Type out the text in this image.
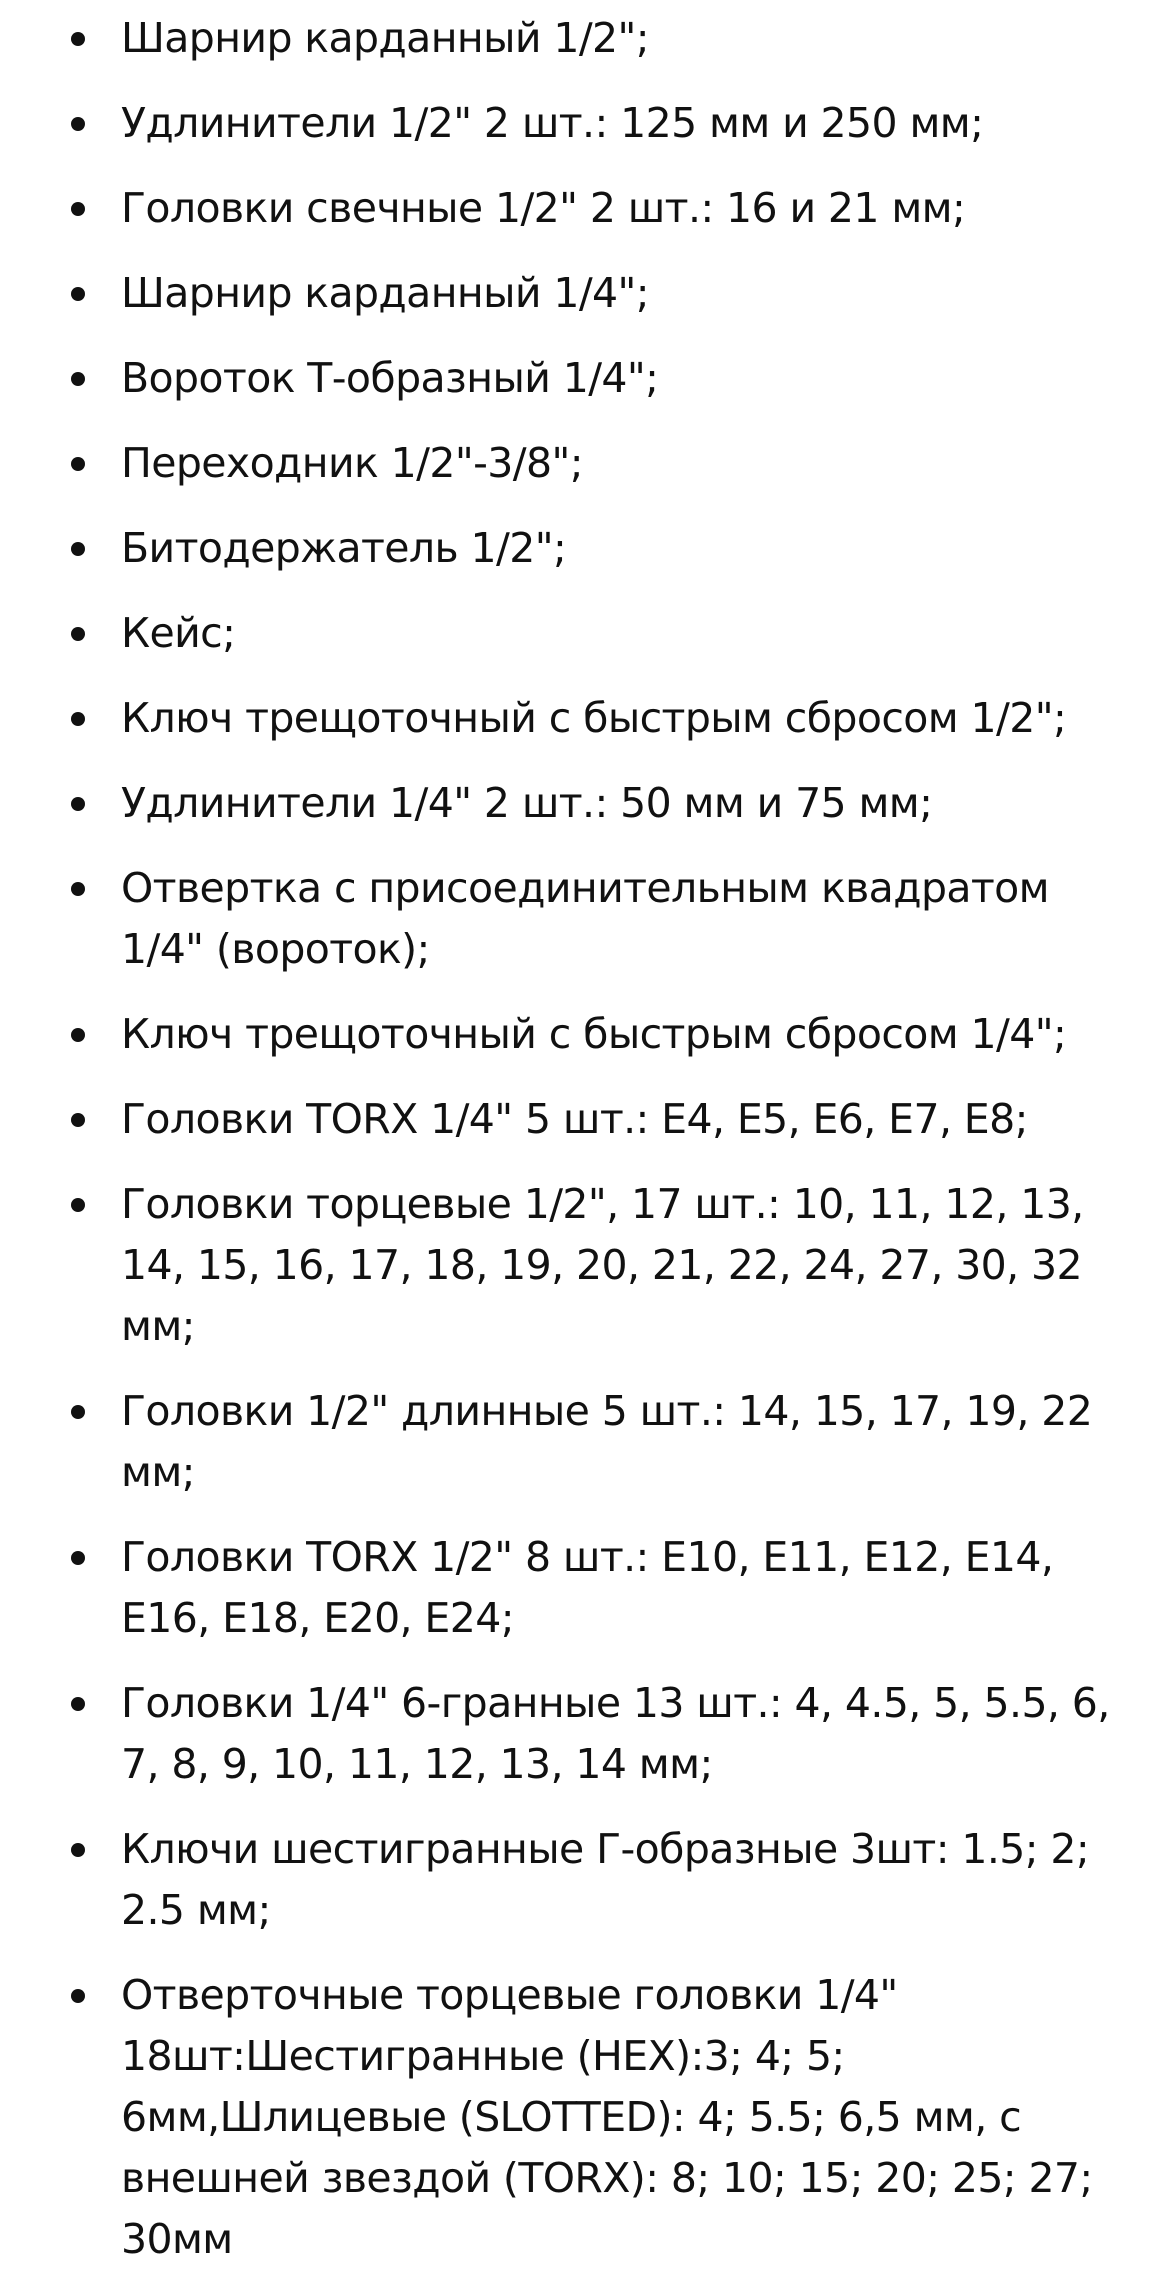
Шарнир карданный 1/2";
Удлинители 1/2" 2 шт.: 125 мм и 250 мм;
Головки свечные 1/2" 2 шт.: 16 и 21 мм;
Шарнир карданный 1/4";
Вороток Т-образный 1/4";
Переходник 1/2"-3/8";
Битодержатель 1/2";
Кейс;
Ключ трещоточный с быстрым сбросом 1/2";
Удлинители 1/4" 2 шт.: 50 мм и 75 мм;
Отвертка с присоединительным квадратом 1/4" (вороток);
Ключ трещоточный с быстрым сбросом 1/4";
Головки TORX 1/4" 5 шт.: E4, E5, E6, E7, E8;
Головки торцевые 1/2", 17 шт.: 10, 11, 12, 13, 14, 15, 16, 17, 18, 19, 20, 21, 22, 24, 27, 30, 32 мм;
Головки 1/2" длинные 5 шт.: 14, 15, 17, 19, 22 мм;
Головки TORX 1/2" 8 шт.: E10, E11, E12, E14, E16, E18, E20, E24;
Головки 1/4" 6-гранные 13 шт.: 4, 4.5, 5, 5.5, 6, 7, 8, 9, 10, 11, 12, 13, 14 мм;
Ключи шестигранные Г-образные 3шт: 1.5; 2; 2.5 мм;
Отверточные торцевые головки 1/4" 18шт:Шестигранные (HEX):3; 4; 5; 6мм,Шлицевые (SLOTTED): 4; 5.5; 6,5 мм, с внешней звездой (TORX): 8; 10; 15; 20; 25; 27; 30мм
